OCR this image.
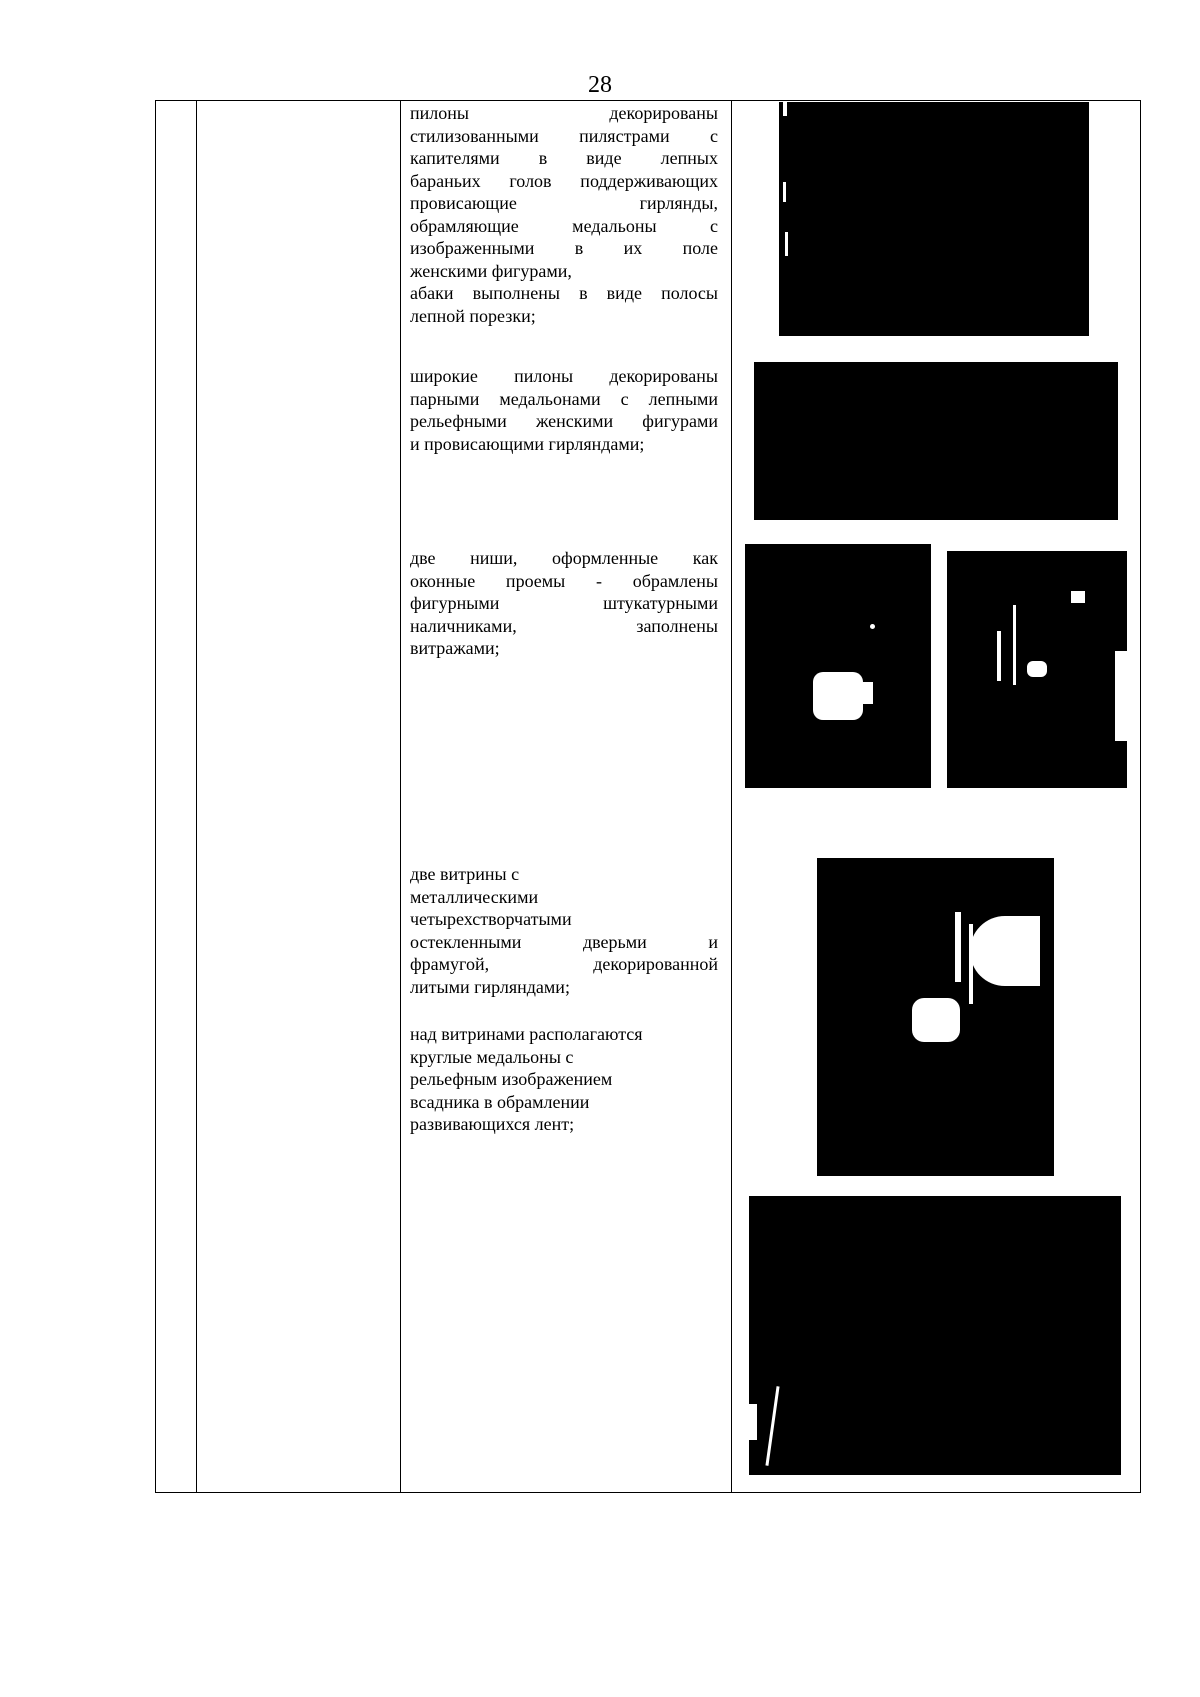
28
пилоны декорированы
стилизованными пилястрами с
капителями в виде лепных
бараньих голов поддерживающих
провисающие гирлянды,
обрамляющие медальоны с
изображенными в их поле
женскими фигурами,
абаки выполнены в виде полосы
лепной порезки;
широкие пилоны декорированы
парными медальонами с лепными
рельефными женскими фигурами
и провисающими гирляндами;
две ниши, оформленные как
оконные проемы - обрамлены
фигурными штукатурными
наличниками, заполнены
витражами;
две витрины с
металлическими
четырехстворчатыми
остекленными дверьми и
фрамугой, декорированной
литыми гирляндами;
над витринами располагаются
круглые медальоны с
рельефным изображением
всадника в обрамлении
развивающихся лент;
